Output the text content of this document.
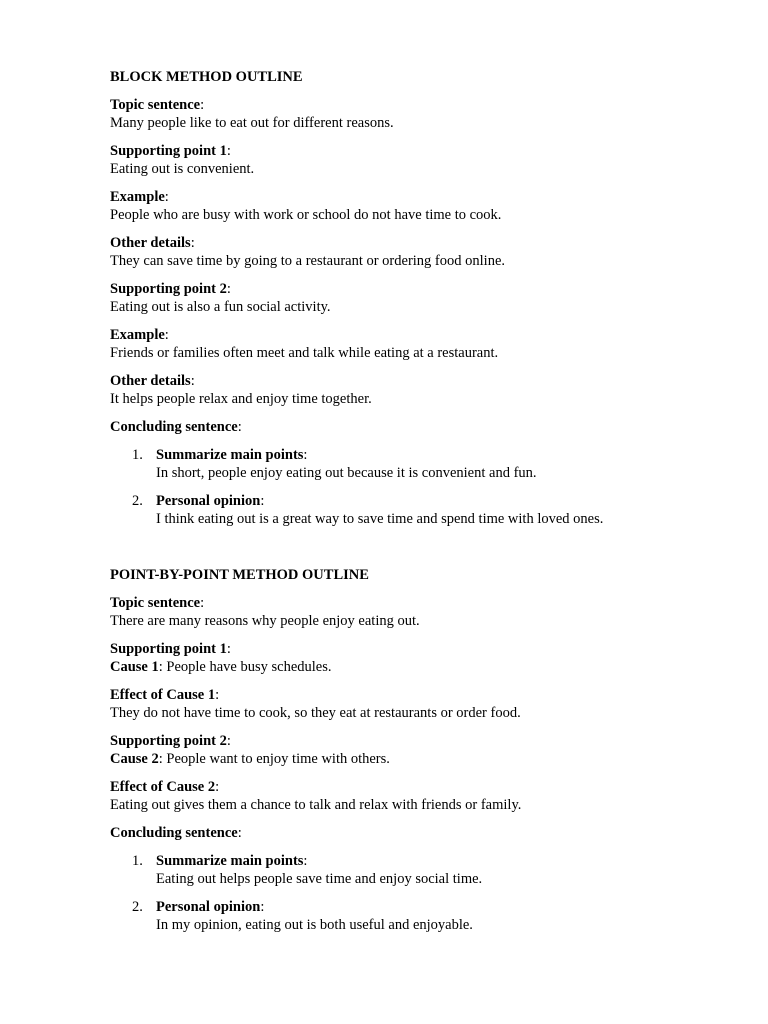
BLOCK METHOD OUTLINE
Topic sentence:
Many people like to eat out for different reasons.
Supporting point 1:
Eating out is convenient.
Example:
People who are busy with work or school do not have time to cook.
Other details:
They can save time by going to a restaurant or ordering food online.
Supporting point 2:
Eating out is also a fun social activity.
Example:
Friends or families often meet and talk while eating at a restaurant.
Other details:
It helps people relax and enjoy time together.
Concluding sentence:
1. Summarize main points:
In short, people enjoy eating out because it is convenient and fun.
2. Personal opinion:
I think eating out is a great way to save time and spend time with loved ones.
POINT-BY-POINT METHOD OUTLINE
Topic sentence:
There are many reasons why people enjoy eating out.
Supporting point 1:
Cause 1: People have busy schedules.
Effect of Cause 1:
They do not have time to cook, so they eat at restaurants or order food.
Supporting point 2:
Cause 2: People want to enjoy time with others.
Effect of Cause 2:
Eating out gives them a chance to talk and relax with friends or family.
Concluding sentence:
1. Summarize main points:
Eating out helps people save time and enjoy social time.
2. Personal opinion:
In my opinion, eating out is both useful and enjoyable.
